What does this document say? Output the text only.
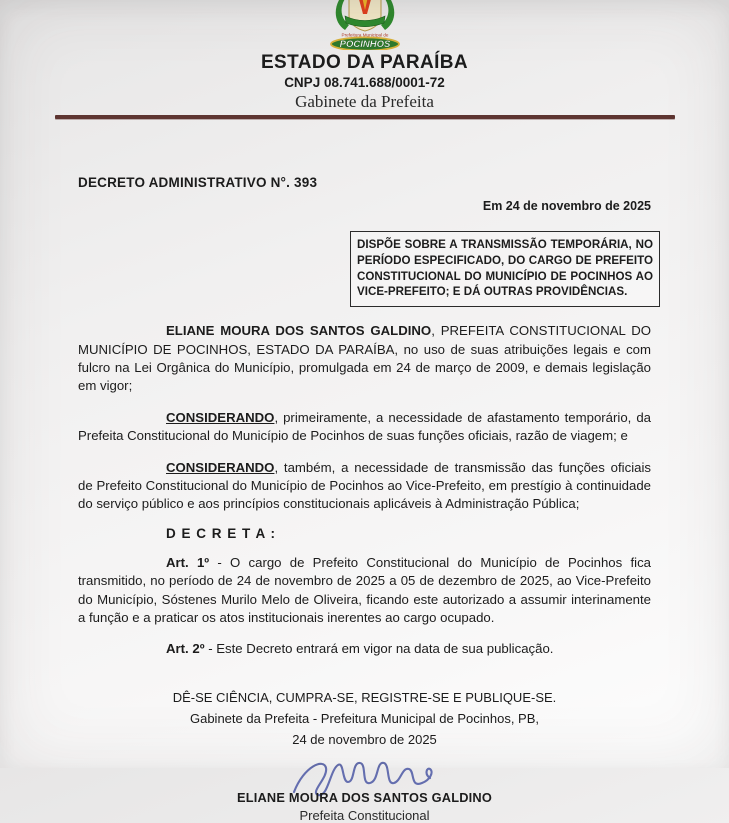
Prefeitura Municipal de
POCINHOS
ESTADO DA PARAÍBA
CNPJ 08.741.688/0001-72
Gabinete da Prefeita
DECRETO ADMINISTRATIVO N°. 393
Em 24 de novembro de 2025
DISPÕE SOBRE A TRANSMISSÃO TEMPORÁRIA, NO PERÍODO ESPECIFICADO, DO CARGO DE PREFEITO CONSTITUCIONAL DO MUNICÍPIO DE POCINHOS AO VICE-PREFEITO; E DÁ OUTRAS PROVIDÊNCIAS.

ELIANE MOURA DOS SANTOS GALDINO, PREFEITA CONSTITUCIONAL DO MUNICÍPIO DE POCINHOS, ESTADO DA PARAÍBA, no uso de suas atribuições legais e com fulcro na Lei Orgânica do Município, promulgada em 24 de março de 2009, e demais legislação em vigor;

CONSIDERANDO, primeiramente, a necessidade de afastamento temporário, da Prefeita Constitucional do Município de Pocinhos de suas funções oficiais, razão de viagem; e

CONSIDERANDO, também, a necessidade de transmissão das funções oficiais de Prefeito Constitucional do Município de Pocinhos ao Vice-Prefeito, em prestígio à continuidade do serviço público e aos princípios constitucionais aplicáveis à Administração Pública;

D E C R E T A :

Art. 1º - O cargo de Prefeito Constitucional do Município de Pocinhos fica transmitido, no período de 24 de novembro de 2025 a 05 de dezembro de 2025, ao Vice-Prefeito do Município, Sóstenes Murilo Melo de Oliveira, ficando este autorizado a assumir interinamente a função e a praticar os atos institucionais inerentes ao cargo ocupado.

Art. 2º - Este Decreto entrará em vigor na data de sua publicação.

DÊ-SE CIÊNCIA, CUMPRA-SE, REGISTRE-SE E PUBLIQUE-SE.
Gabinete da Prefeita - Prefeitura Municipal de Pocinhos, PB,
24 de novembro de 2025
ELIANE MOURA DOS SANTOS GALDINO
Prefeita Constitucional
